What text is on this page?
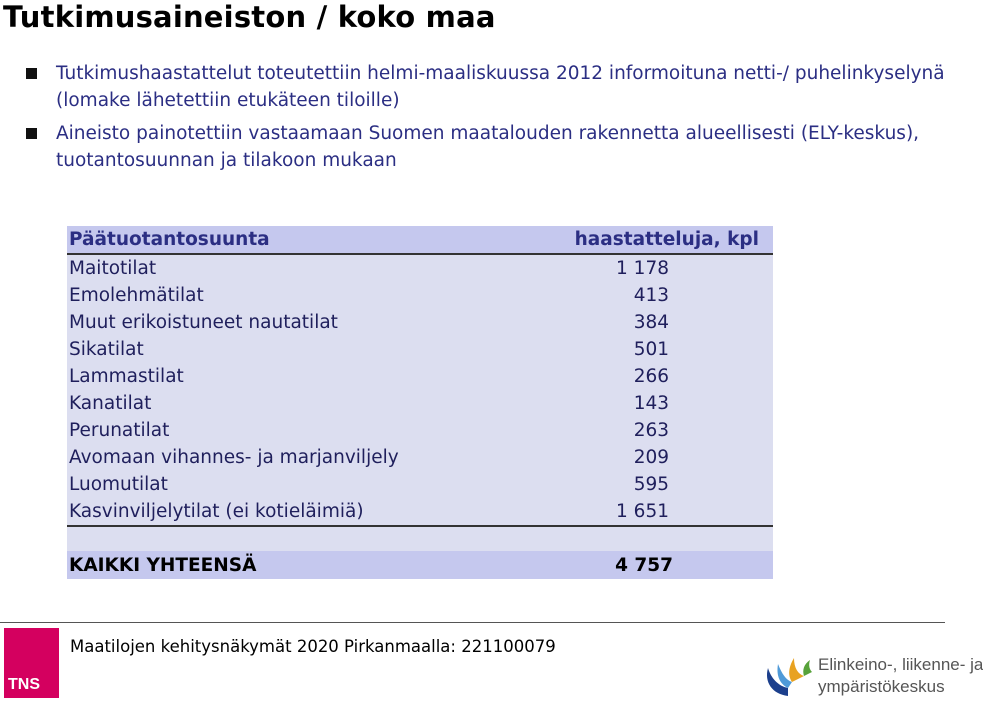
Tutkimusaineiston / koko maa
Tutkimushaastattelut toteutettiin helmi-maaliskuussa 2012 informoituna netti-/ puhelinkyselynä (lomake lähetettiin etukäteen tiloille)
Aineisto painotettiin vastaamaan Suomen maatalouden rakennetta alueellisesti (ELY-keskus), tuotantosuunnan ja tilakoon mukaan
Päätuotantosuunta	haastatteluja, kpl
Maitotilat	1 178
Emolehmätilat	413
Muut erikoistuneet nautatilat	384
Sikatilat	501
Lammastilat	266
Kanatilat	143
Perunatilat	263
Avomaan vihannes- ja marjanviljely	209
Luomutilat	595
Kasvinviljelytilat (ei kotieläimiä)	1 651

KAIKKI YHTEENSÄ	4 757
TNS
Maatilojen kehitysnäkymät 2020 Pirkanmaalla: 221100079
Elinkeino-, liikenne- ja
ympäristökeskus
